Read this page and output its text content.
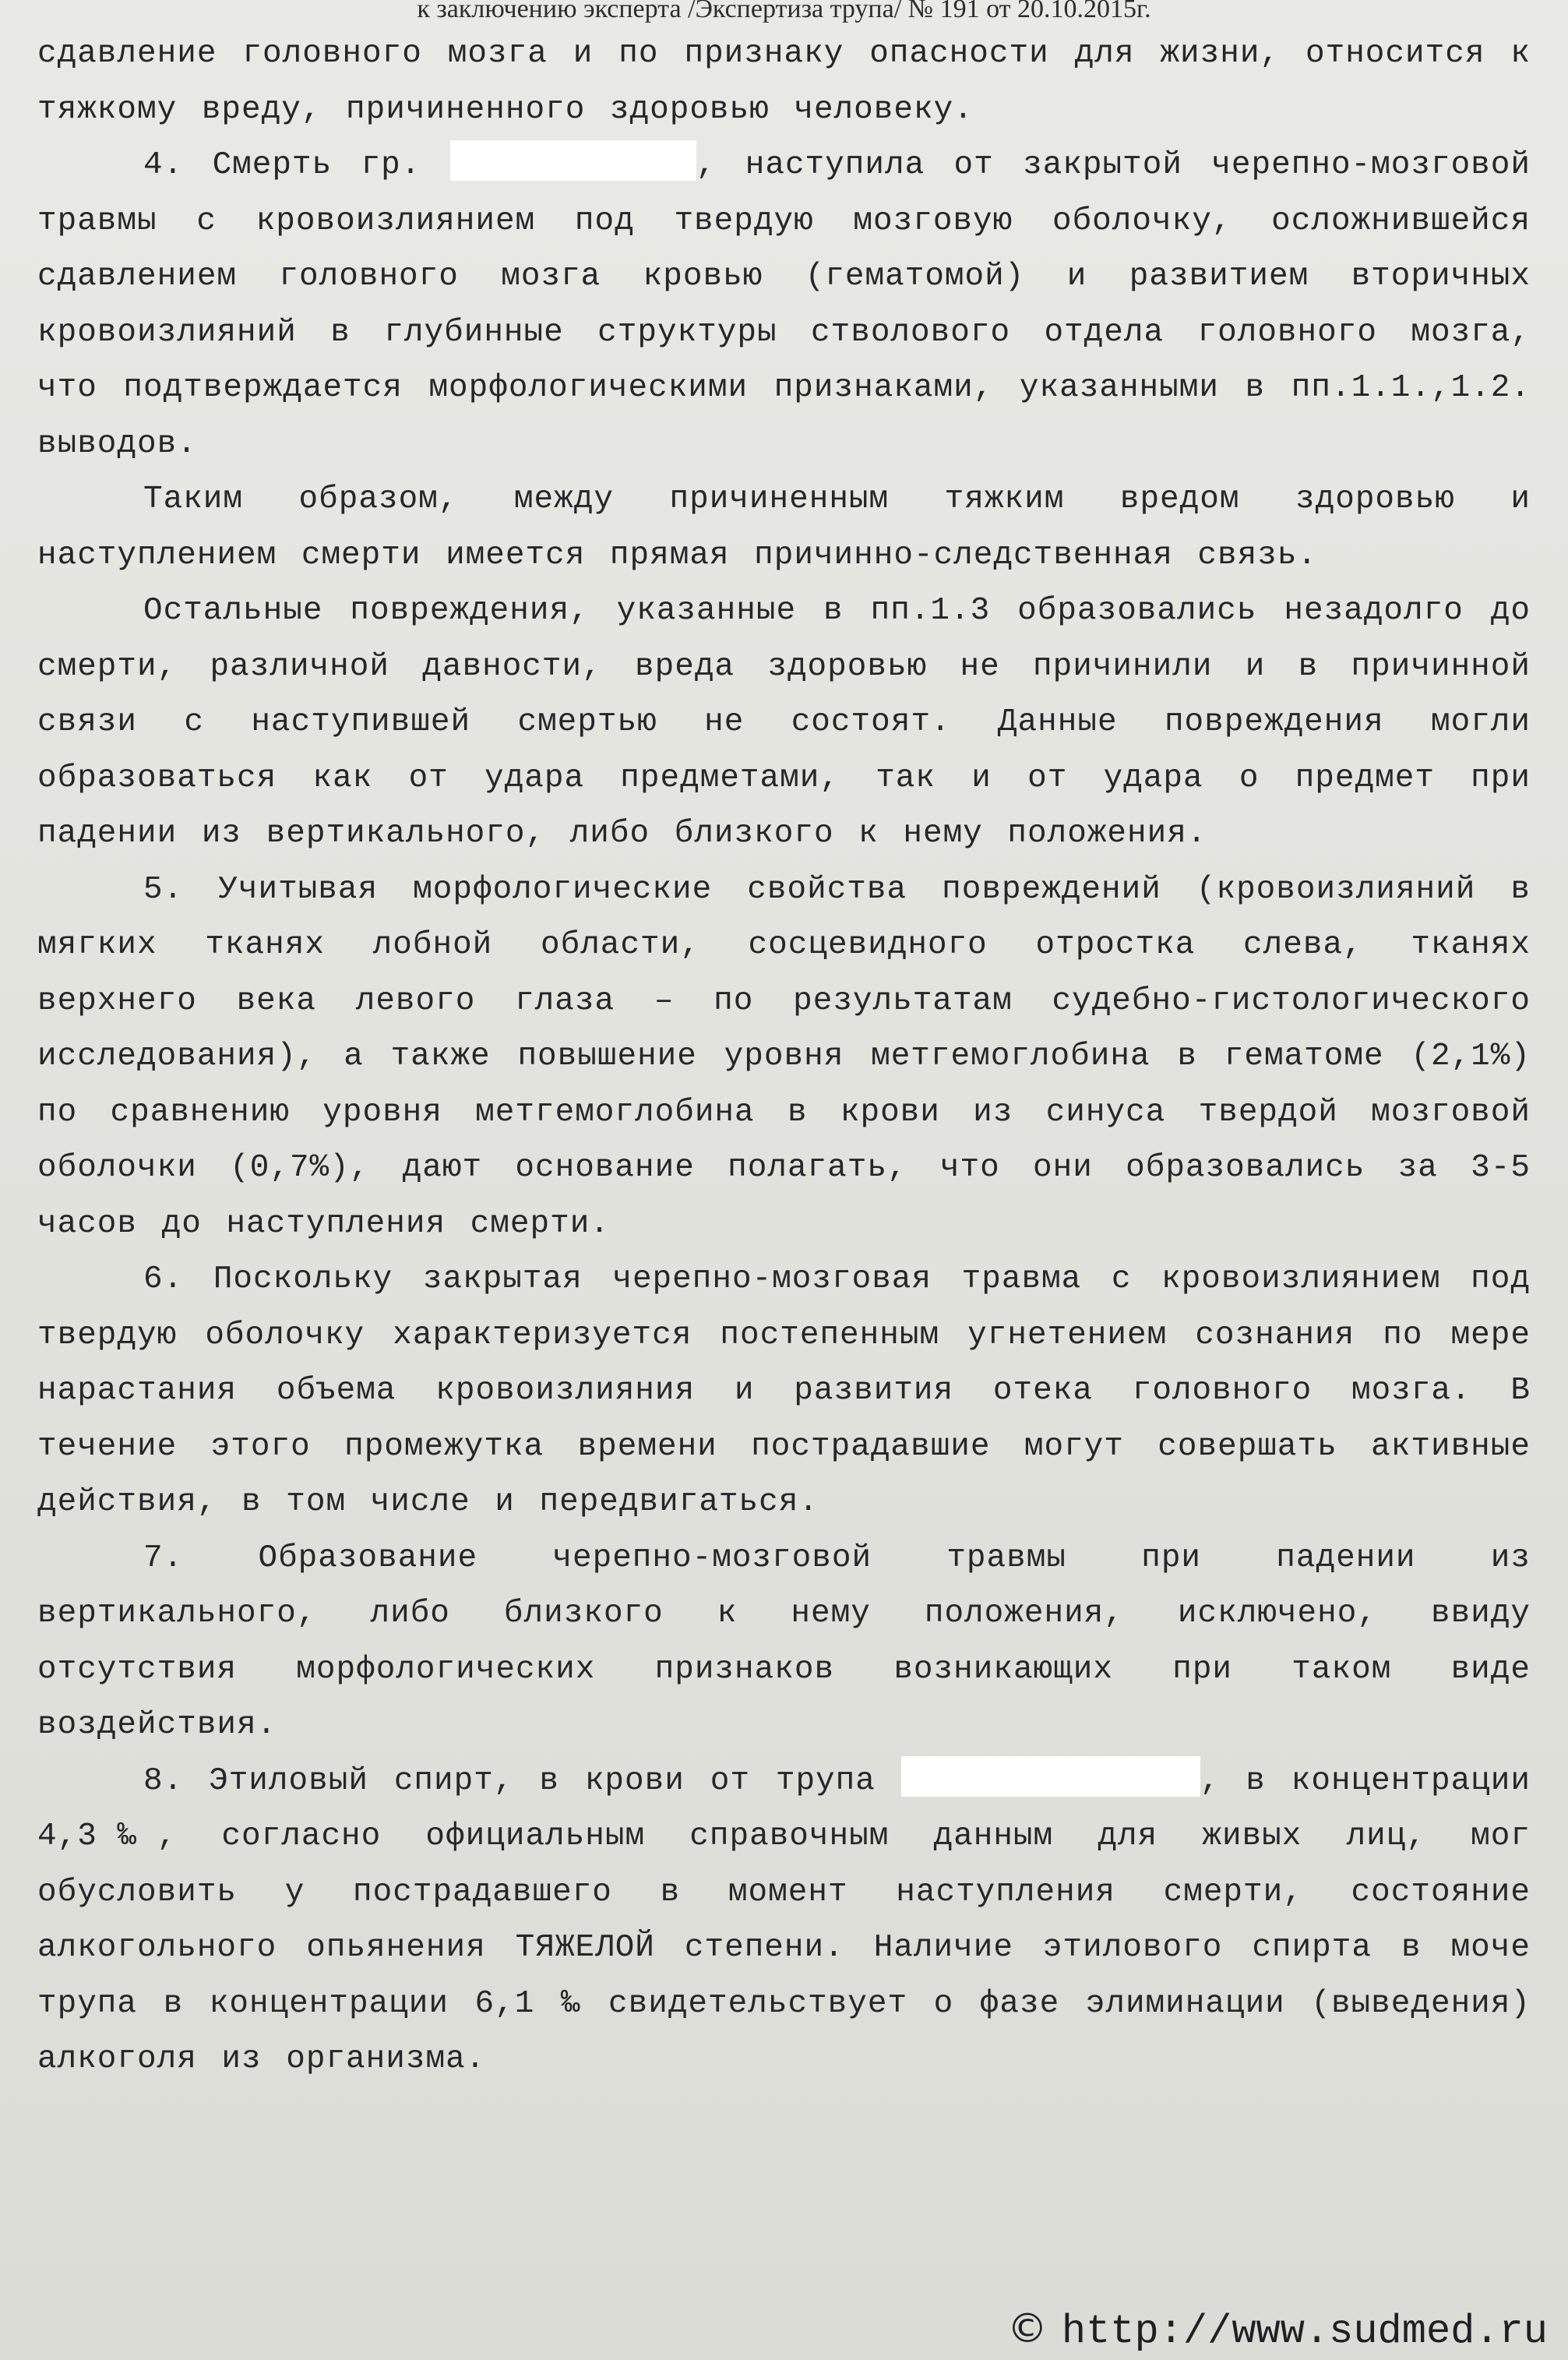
к заключению эксперта /Экспертиза трупа/ № 191 от 20.10.2015г.

сдавление головного мозга и по признаку опасности для жизни, относится к тяжкому вреду, причиненного здоровью человеку.

4. Смерть гр.	, наступила от закрытой черепно-мозговой травмы с кровоизлиянием под твердую мозговую оболочку, осложнившейся сдавлением головного мозга кровью (гематомой) и развитием вторичных кровоизлияний в глубинные структуры стволового отдела головного мозга, что подтверждается морфологическими признаками, указанными в пп.1.1.,1.2. выводов.

Таким образом, между причиненным тяжким вредом здоровью и наступлением смерти имеется прямая причинно-следственная связь.

Остальные повреждения, указанные в пп.1.3 образовались незадолго до смерти, различной давности, вреда здоровью не причинили и в причинной связи с наступившей смертью не состоят. Данные повреждения могли образоваться как от удара предметами, так и от удара о предмет при падении из вертикального, либо близкого к нему положения.

5. Учитывая морфологические свойства повреждений (кровоизлияний в мягких тканях лобной области, сосцевидного отростка слева, тканях верхнего века левого глаза – по результатам судебно-гистологического исследования), а также повышение уровня метгемоглобина в гематоме (2,1%) по сравнению уровня метгемоглобина в крови из синуса твердой мозговой оболочки (0,7%), дают основание полагать, что они образовались за 3-5 часов до наступления смерти.

6. Поскольку закрытая черепно-мозговая травма с кровоизлиянием под твердую оболочку характеризуется постепенным угнетением сознания по мере нарастания объема кровоизлияния и развития отека головного мозга. В течение этого промежутка времени пострадавшие могут совершать активные действия, в том числе и передвигаться.

7. Образование черепно-мозговой травмы при падении из вертикального, либо близкого к нему положения, исключено, ввиду отсутствия морфологических признаков возникающих при таком виде воздействия.

8. Этиловый спирт, в крови от трупа	, в концентрации 4,3‰, согласно официальным справочным данным для живых лиц, мог обусловить у пострадавшего в момент наступления смерти, состояние алкогольного опьянения ТЯЖЕЛОЙ степени. Наличие этилового спирта в моче трупа в концентрации 6,1 ‰ свидетельствует о фазе элиминации (выведения) алкоголя из организма.

© http://www.sudmed.ru
